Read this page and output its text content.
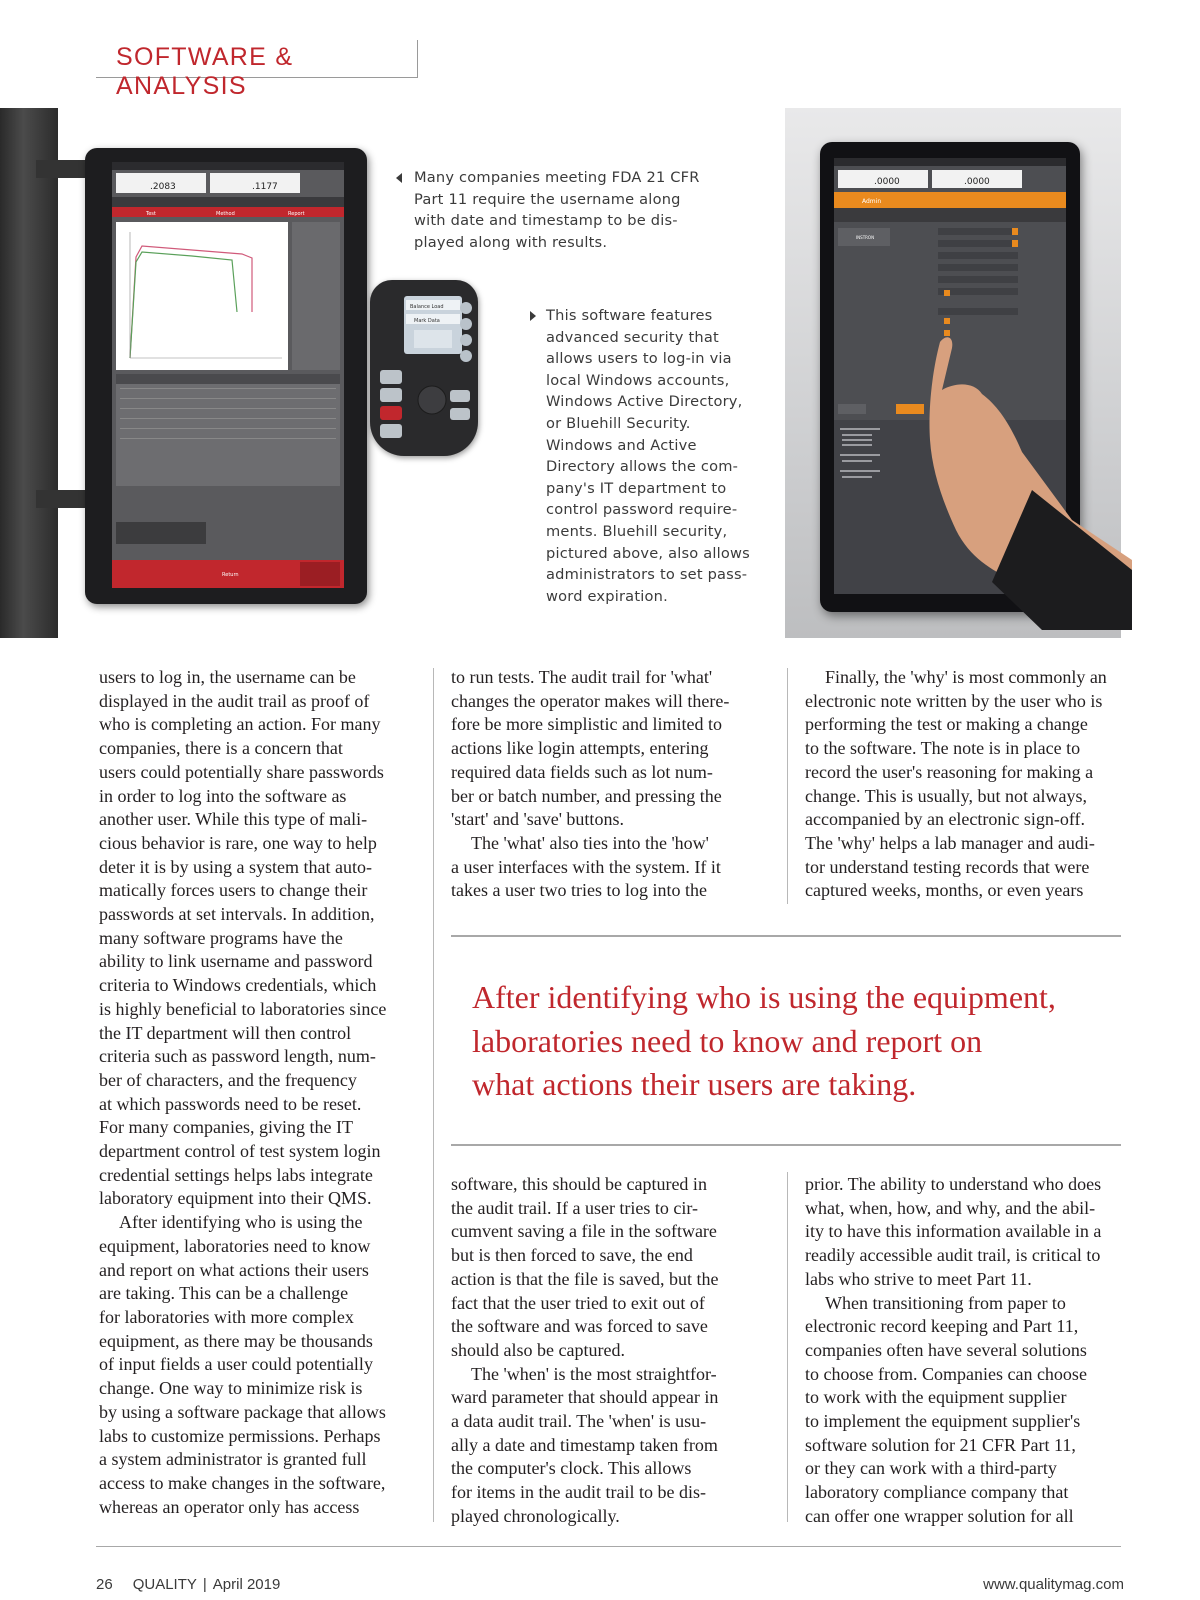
SOFTWARE & ANALYSIS
.2083	.1177
Test	Method	Report
Return
Balance Load
Mark Data
.0000	.0000
Admin
INSTRON
Many companies meeting FDA 21 CFR
Part 11 require the username along
with date and timestamp to be dis-
played along with results.
This software features
advanced security that
allows users to log-in via
local Windows accounts,
Windows Active Directory,
or Bluehill Security.
Windows and Active
Directory allows the com-
pany's IT department to
control password require-
ments. Bluehill security,
pictured above, also allows
administrators to set pass-
word expiration.

users to log in, the username can be

displayed in the audit trail as proof of

who is completing an action. For many

companies, there is a concern that

users could potentially share passwords

in order to log into the software as

another user. While this type of mali-

cious behavior is rare, one way to help

deter it is by using a system that auto-

matically forces users to change their

passwords at set intervals. In addition,

many software programs have the

ability to link username and password

criteria to Windows credentials, which

is highly beneficial to laboratories since

the IT department will then control

criteria such as password length, num-

ber of characters, and the frequency

at which passwords need to be reset.

For many companies, giving the IT

department control of test system login

credential settings helps labs integrate

laboratory equipment into their QMS.

After identifying who is using the

equipment, laboratories need to know

and report on what actions their users

are taking. This can be a challenge

for laboratories with more complex

equipment, as there may be thousands

of input fields a user could potentially

change. One way to minimize risk is

by using a software package that allows

labs to customize permissions. Perhaps

a system administrator is granted full

access to make changes in the software,

whereas an operator only has access

to run tests. The audit trail for 'what'

changes the operator makes will there-

fore be more simplistic and limited to

actions like login attempts, entering

required data fields such as lot num-

ber or batch number, and pressing the

'start' and 'save' buttons.

The 'what' also ties into the 'how'

a user interfaces with the system. If it

takes a user two tries to log into the

Finally, the 'why' is most commonly an

electronic note written by the user who is

performing the test or making a change

to the software. The note is in place to

record the user's reasoning for making a

change. This is usually, but not always,

accompanied by an electronic sign-off.

The 'why' helps a lab manager and audi-

tor understand testing records that were

captured weeks, months, or even years

After identifying who is using the equipment,

laboratories need to know and report on

what actions their users are taking.

software, this should be captured in

the audit trail. If a user tries to cir-

cumvent saving a file in the software

but is then forced to save, the end

action is that the file is saved, but the

fact that the user tried to exit out of

the software and was forced to save

should also be captured.

The 'when' is the most straightfor-

ward parameter that should appear in

a data audit trail. The 'when' is usu-

ally a date and timestamp taken from

the computer's clock. This allows

for items in the audit trail to be dis-

played chronologically.

prior. The ability to understand who does

what, when, how, and why, and the abil-

ity to have this information available in a

readily accessible audit trail, is critical to

labs who strive to meet Part 11.

When transitioning from paper to

electronic record keeping and Part 11,

companies often have several solutions

to choose from. Companies can choose

to work with the equipment supplier

to implement the equipment supplier's

software solution for 21 CFR Part 11,

or they can work with a third-party

laboratory compliance company that

can offer one wrapper solution for all

26 QUALITY | April 2019	www.qualitymag.com
